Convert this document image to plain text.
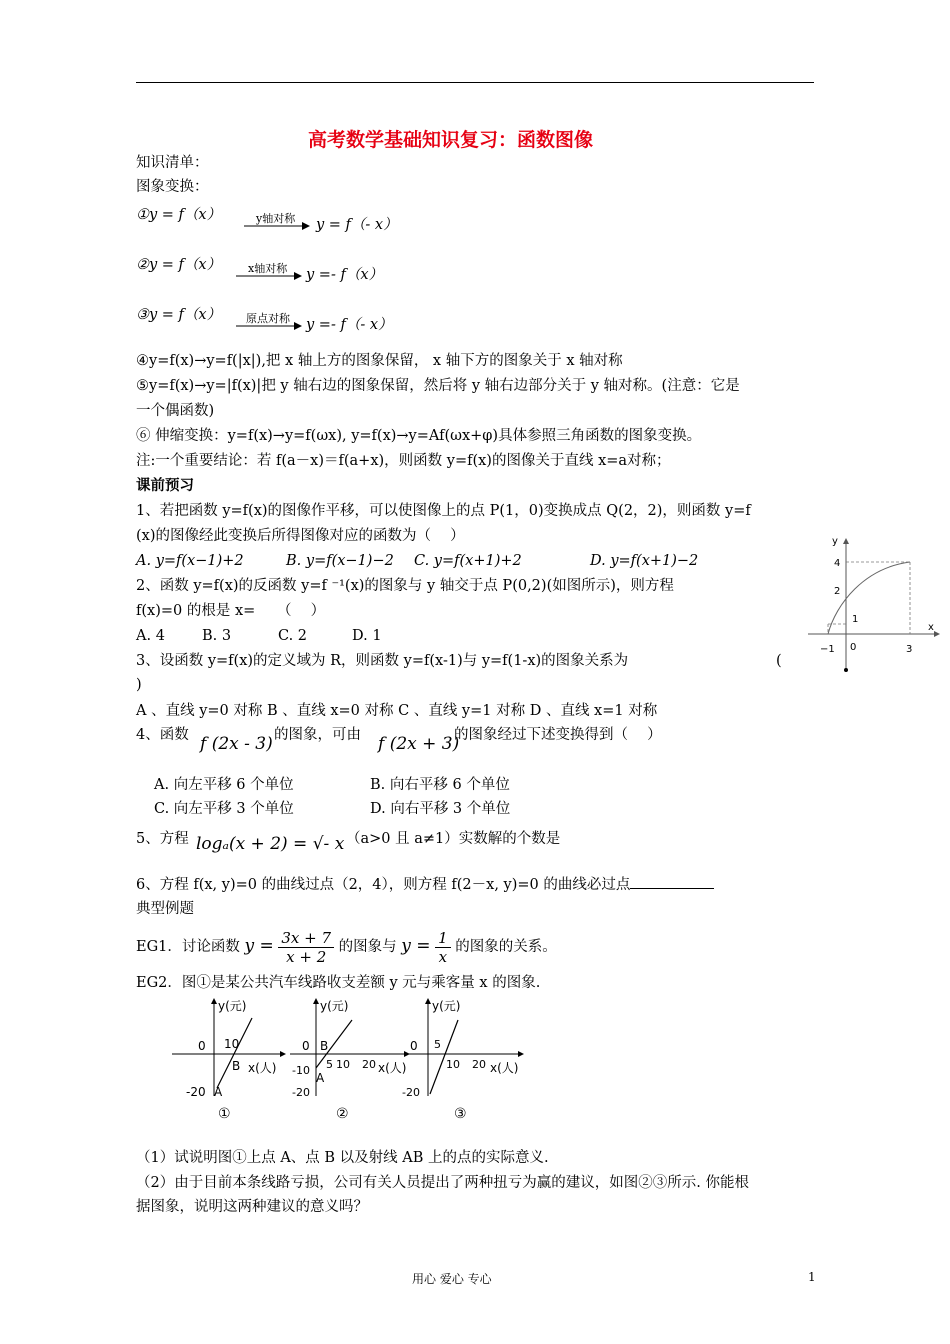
高考数学基础知识复习：函数图像
知识清单：
图象变换：
①y = f（x）	y轴对称 y = f（- x）
②y = f（x） x轴对称 y =- f（x）
③y = f（x） 原点对称 y =- f（- x）
④y=f(x)→y=f(|x|),把 x 轴上方的图象保留， x 轴下方的图象关于 x 轴对称
⑤y=f(x)→y=|f(x)|把 y 轴右边的图象保留，然后将 y 轴右边部分关于 y 轴对称。(注意：它是
一个偶函数)
⑥ 伸缩变换：y=f(x)→y=f(ωx), y=f(x)→y=Af(ωx+φ)具体参照三角函数的图象变换。
注:一个重要结论：若 f(a－x)＝f(a+x)，则函数 y=f(x)的图像关于直线 x=a对称；
课前预习
1、若把函数 y=f(x)的图像作平移，可以使图像上的点 P(1，0)变换成点 Q(2，2)，则函数 y=f
(x)的图像经此变换后所得图像对应的函数为（　 ）
A. y=f(x−1)+2	B. y=f(x−1)−2 C. y=f(x+1)+2	D. y=f(x+1)−2
2、函数 y=f(x)的反函数 y=f ⁻¹(x)的图象与 y 轴交于点 P(0,2)(如图所示)，则方程
f(x)=0 的根是 x=　　（　 ）
A. 4	B. 3	C. 2	D. 1
y
x
4
2
1
−1 0	3
3、设函数 y=f(x)的定义域为 R，则函数 y=f(x-1)与 y=f(1-x)的图象关系为	(
)
A 、直线 y=0 对称 B 、直线 x=0 对称 C 、直线 y=1 对称 D 、直线 x=1 对称
4、函数 f (2x - 3) 的图象，可由 f (2x + 3)
的图象经过下述变换得到（　 ）
A. 向左平移 6 个单位	B. 向右平移 6 个单位
C. 向左平移 3 个单位	D. 向右平移 3 个单位
5、方程 logₐ(x + 2) = √- x （a>0 且 a≠1）实数解的个数是
6、方程 f(x, y)=0 的曲线过点（2，4），则方程 f(2－x, y)=0 的曲线必过点
典型例题
EG1．讨论函数 $y = \frac{3x + 7}{x + 2}$ 的图象与 $y = \frac{1}{x}$ 的图象的关系。
EG2．图①是某公共汽车线路收支差额 y 元与乘客量 x 的图象.
y(元)
0 10
B x(人)
-20 A
①
y(元)
0 B
5 10 20 x(人)
-10
A
-20
②
y(元)
0 5
10 20 x(人)
-20
③
（1）试说明图①上点 A、点 B 以及射线 AB 上的点的实际意义.
（2）由于目前本条线路亏损，公司有关人员提出了两种扭亏为赢的建议，如图②③所示. 你能根
据图象，说明这两种建议的意义吗？
用心 爱心 专心	1
